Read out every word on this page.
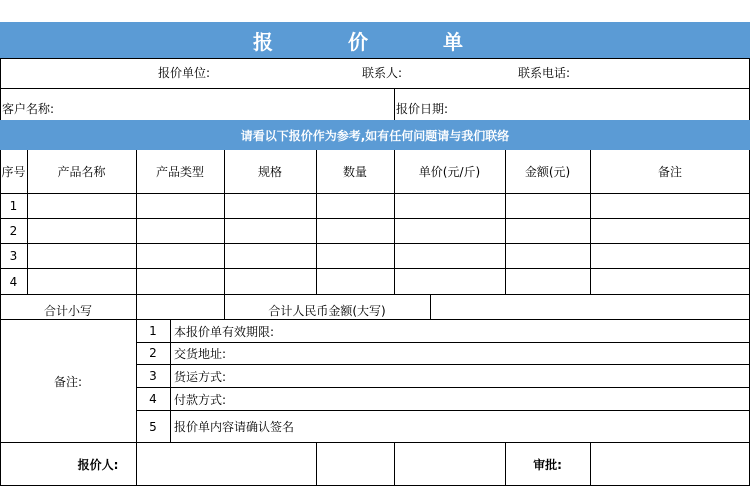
报 价 单
报价单位:	联系人:	联系电话:
客户名称:	报价日期:
请看以下报价作为参考,如有任何问题请与我们联络
序号	产品名称	产品类型	规格	数量	单价(元/斤)	金额(元)	备注
1
2
3
4
合计小写	合计人民币金额(大写)
备注:
1	本报价单有效期限:
2	交货地址:
3	货运方式:
4	付款方式:
5	报价单内容请确认签名
报价人:	审批:
